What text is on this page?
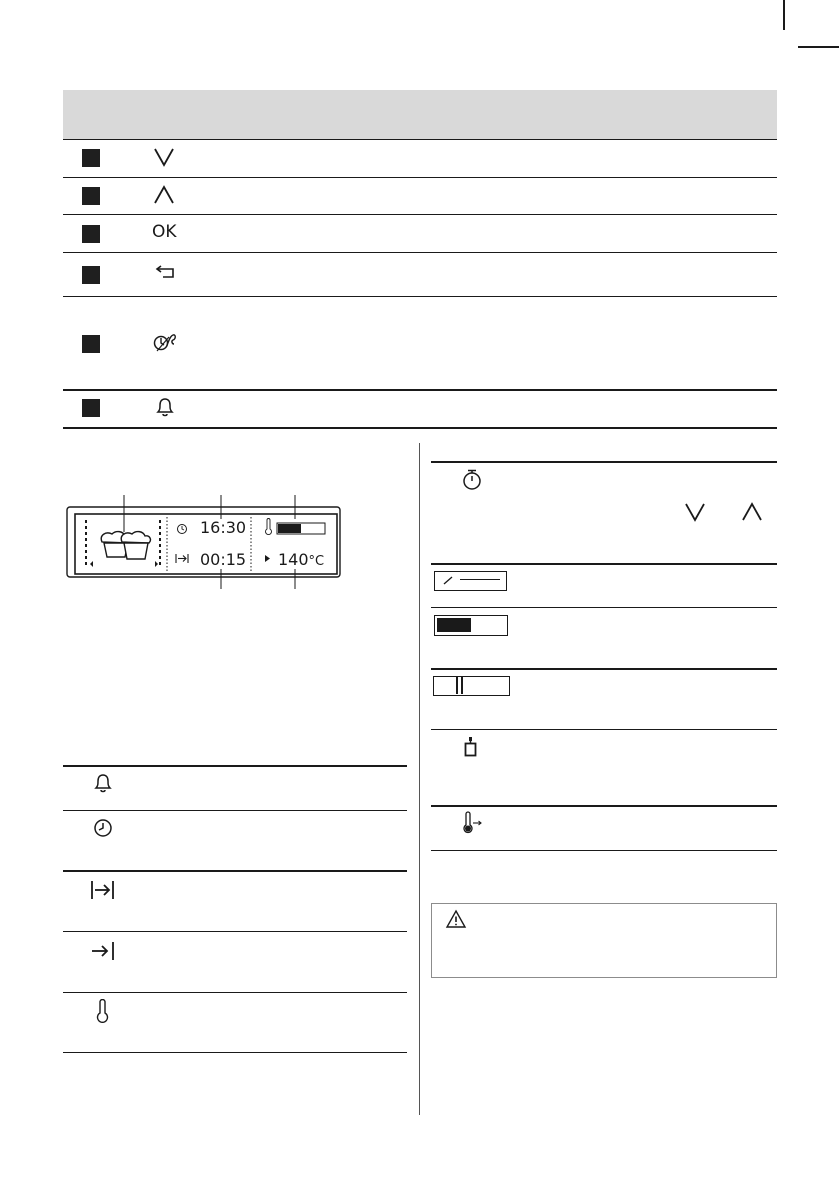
OK
16:30
00:15 140°C
